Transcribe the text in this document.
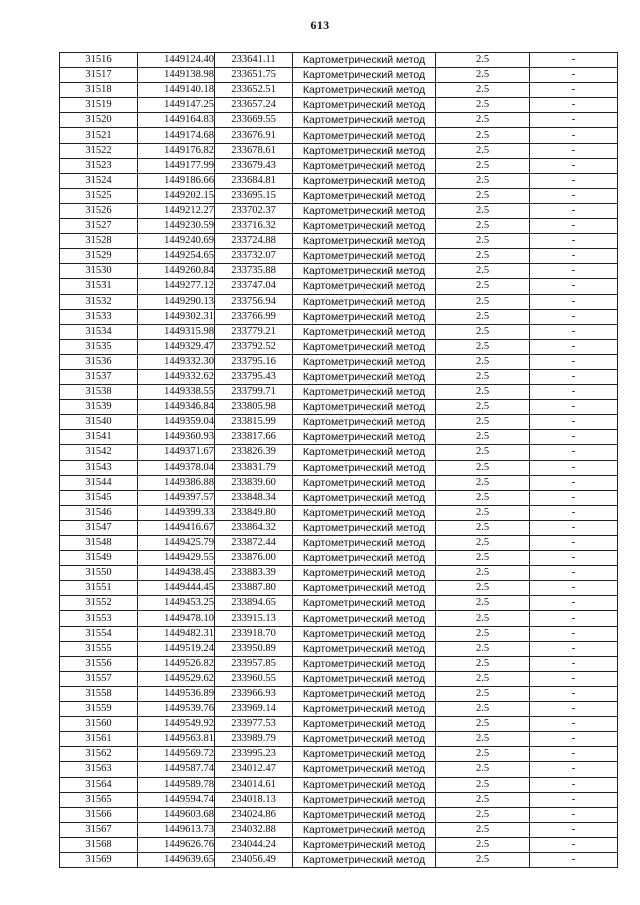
613
31516	1449124.40	233641.11	Картометрический метод	2.5	-
31517	1449138.98	233651.75	Картометрический метод	2.5	-
31518	1449140.18	233652.51	Картометрический метод	2.5	-
31519	1449147.25	233657.24	Картометрический метод	2.5	-
31520	1449164.83	233669.55	Картометрический метод	2.5	-
31521	1449174.68	233676.91	Картометрический метод	2.5	-
31522	1449176.82	233678.61	Картометрический метод	2.5	-
31523	1449177.99	233679.43	Картометрический метод	2.5	-
31524	1449186.66	233684.81	Картометрический метод	2.5	-
31525	1449202.15	233695.15	Картометрический метод	2.5	-
31526	1449212.27	233702.37	Картометрический метод	2.5	-
31527	1449230.59	233716.32	Картометрический метод	2.5	-
31528	1449240.69	233724.88	Картометрический метод	2.5	-
31529	1449254.65	233732.07	Картометрический метод	2.5	-
31530	1449260.84	233735.88	Картометрический метод	2.5	-
31531	1449277.12	233747.04	Картометрический метод	2.5	-
31532	1449290.13	233756.94	Картометрический метод	2.5	-
31533	1449302.31	233766.99	Картометрический метод	2.5	-
31534	1449315.98	233779.21	Картометрический метод	2.5	-
31535	1449329.47	233792.52	Картометрический метод	2.5	-
31536	1449332.30	233795.16	Картометрический метод	2.5	-
31537	1449332.62	233795.43	Картометрический метод	2.5	-
31538	1449338.55	233799.71	Картометрический метод	2.5	-
31539	1449346.84	233805.98	Картометрический метод	2.5	-
31540	1449359.04	233815.99	Картометрический метод	2.5	-
31541	1449360.93	233817.66	Картометрический метод	2.5	-
31542	1449371.67	233826.39	Картометрический метод	2.5	-
31543	1449378.04	233831.79	Картометрический метод	2.5	-
31544	1449386.88	233839.60	Картометрический метод	2.5	-
31545	1449397.57	233848.34	Картометрический метод	2.5	-
31546	1449399.33	233849.80	Картометрический метод	2.5	-
31547	1449416.67	233864.32	Картометрический метод	2.5	-
31548	1449425.79	233872.44	Картометрический метод	2.5	-
31549	1449429.55	233876.00	Картометрический метод	2.5	-
31550	1449438.45	233883.39	Картометрический метод	2.5	-
31551	1449444.45	233887.80	Картометрический метод	2.5	-
31552	1449453.25	233894.65	Картометрический метод	2.5	-
31553	1449478.10	233915.13	Картометрический метод	2.5	-
31554	1449482.31	233918.70	Картометрический метод	2.5	-
31555	1449519.24	233950.89	Картометрический метод	2.5	-
31556	1449526.82	233957.85	Картометрический метод	2.5	-
31557	1449529.62	233960.55	Картометрический метод	2.5	-
31558	1449536.89	233966.93	Картометрический метод	2.5	-
31559	1449539.76	233969.14	Картометрический метод	2.5	-
31560	1449549.92	233977.53	Картометрический метод	2.5	-
31561	1449563.81	233989.79	Картометрический метод	2.5	-
31562	1449569.72	233995.23	Картометрический метод	2.5	-
31563	1449587.74	234012.47	Картометрический метод	2.5	-
31564	1449589.78	234014.61	Картометрический метод	2.5	-
31565	1449594.74	234018.13	Картометрический метод	2.5	-
31566	1449603.68	234024.86	Картометрический метод	2.5	-
31567	1449613.73	234032.88	Картометрический метод	2.5	-
31568	1449626.76	234044.24	Картометрический метод	2.5	-
31569	1449639.65	234056.49	Картометрический метод	2.5	-
